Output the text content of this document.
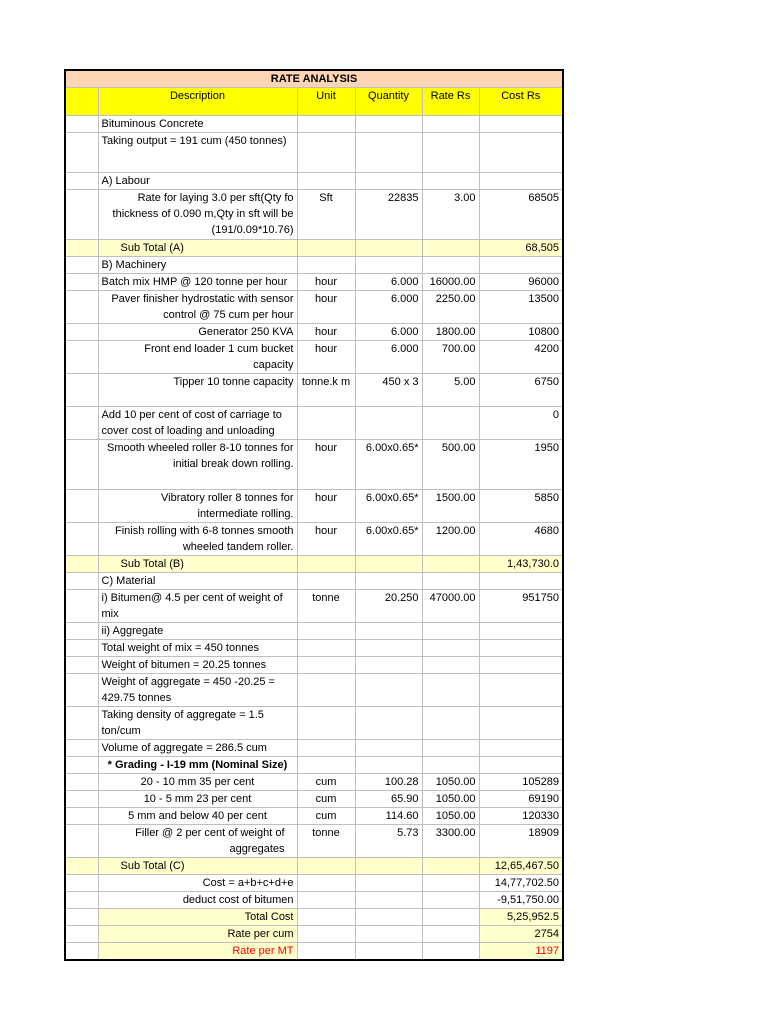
RATE ANALYSIS					
	Description	Unit	Quantity	Rate Rs	Cost Rs
	Bituminous Concrete				
	Taking output = 191 cum (450 tonnes)				
	A) Labour				
	Rate for laying 3.0 per sft(Qty fo thickness of 0.090 m,Qty in sft will be (191/0.09*10.76)	Sft	22835	3.00	68505
	Sub Total (A)				68,505
	B) Machinery				
	Batch mix HMP @ 120 tonne per hour	hour	6.000	16000.00	96000
	Paver finisher hydrostatic with sensor control @ 75 cum per hour	hour	6.000	2250.00	13500
	Generator 250 KVA	hour	6.000	1800.00	10800
	Front end loader 1 cum bucket capacity	hour	6.000	700.00	4200
	Tipper 10 tonne capacity	tonne.k m	450 x 3	5.00	6750
	Add 10 per cent of cost of carriage to cover cost of loading and unloading				0
	Smooth wheeled roller 8-10 tonnes for initial break down rolling.	hour	6.00x0.65*	500.00	1950
	Vibratory roller 8 tonnes for intermediate rolling.	hour	6.00x0.65*	1500.00	5850
	Finish rolling with 6-8 tonnes smooth wheeled tandem roller.	hour	6.00x0.65*	1200.00	4680
	Sub Total (B)				1,43,730.0
	C) Material				
	i) Bitumen@ 4.5 per cent of weight of mix	tonne	20.250	47000.00	951750
	ii) Aggregate				
	Total weight of mix = 450 tonnes				
	Weight of bitumen = 20.25 tonnes				
	Weight of aggregate = 450 -20.25 = 429.75 tonnes				
	Taking density of aggregate = 1.5 ton/cum				
	Volume of aggregate = 286.5 cum				
	* Grading - I-19 mm (Nominal Size)				
	20 - 10 mm 35 per cent	cum	100.28	1050.00	105289
	10 - 5 mm 23 per cent	cum	65.90	1050.00	69190
	5 mm and below 40 per cent	cum	114.60	1050.00	120330
	Filler @ 2 per cent of weight of aggregates	tonne	5.73	3300.00	18909
	Sub Total (C)				12,65,467.50
	Cost = a+b+c+d+e				14,77,702.50
	deduct cost of bitumen				-9,51,750.00
	Total Cost				5,25,952.5
	Rate per cum				2754
	Rate per MT				1197
